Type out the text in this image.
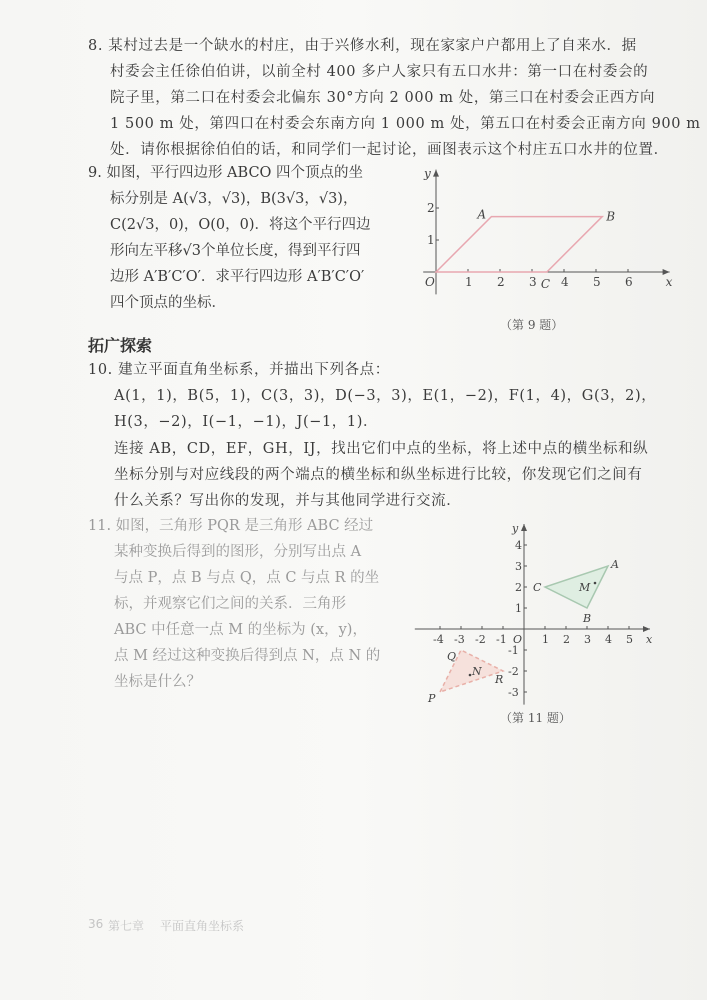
8. 某村过去是一个缺水的村庄，由于兴修水利，现在家家户户都用上了自来水．据
村委会主任徐伯伯讲，以前全村 400 多户人家只有五口水井：第一口在村委会的
院子里，第二口在村委会北偏东 30°方向 2 000 m 处，第三口在村委会正西方向
1 500 m 处，第四口在村委会东南方向 1 000 m 处，第五口在村委会正南方向 900 m
处．请你根据徐伯伯的话，和同学们一起讨论，画图表示这个村庄五口水井的位置．
9. 如图，平行四边形 ABCO 四个顶点的坐
标分别是 A(√3，√3)，B(3√3，√3)，
C(2√3，0)，O(0，0)．将这个平行四边
形向左平移√3个单位长度，得到平行四
边形 A′B′C′O′．求平行四边形 A′B′C′O′
四个顶点的坐标．
x
y
O	1 2 3 4 5 6
1
2	A	B
C
（第 9 题）
拓广探索
10. 建立平面直角坐标系，并描出下列各点：
A(1，1)，B(5，1)，C(3，3)，D(−3，3)，E(1，−2)，F(1，4)，G(3，2)，
H(3，−2)，I(−1，−1)，J(−1，1)．
连接 AB，CD，EF，GH，IJ，找出它们中点的坐标，将上述中点的横坐标和纵
坐标分别与对应线段的两个端点的横坐标和纵坐标进行比较，你发现它们之间有
什么关系？写出你的发现，并与其他同学进行交流．
11. 如图，三角形 PQR 是三角形 ABC 经过
某种变换后得到的图形，分别写出点 A
与点 P，点 B 与点 Q，点 C 与点 R 的坐
标，并观察它们之间的关系．三角形
ABC 中任意一点 M 的坐标为 (x，y)，
点 M 经过这种变换后得到点 N，点 N 的
坐标是什么？
x
y
O
-4 -3 -2 -1	1 2 3 4 5
-3
-2
-1
1
2
3
4
A
B
C
P
Q
R
M
N
（第 11 题）
36 第七章 平面直角坐标系
